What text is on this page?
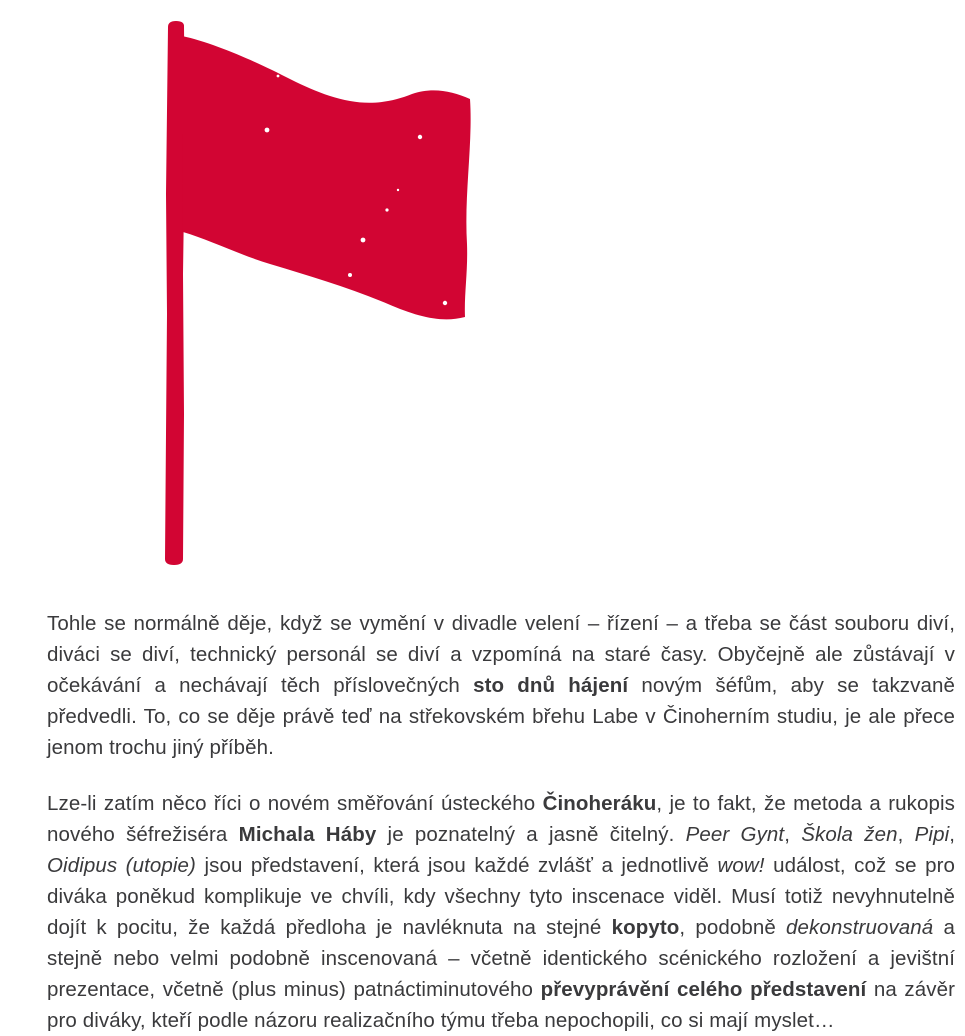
Tohle se normálně děje, když se vymění v divadle velení – řízení – a třeba se část souboru diví, diváci se diví, technický personál se diví a vzpomíná na staré časy. Obyčejně ale zůstávají v očekávání a nechávají těch příslovečných sto dnů hájení novým šéfům, aby se takzvaně předvedli. To, co se děje právě teď na střekovském břehu Labe v Činoherním studiu, je ale přece jenom trochu jiný příběh.

Lze-li zatím něco říci o novém směřování ústeckého Činoheráku, je to fakt, že metoda a rukopis nového šéfrežiséra Michala Háby je poznatelný a jasně čitelný. Peer Gynt, Škola žen, Pipi, Oidipus (utopie) jsou představení, která jsou každé zvlášť a jednotlivě wow! událost, což se pro diváka poněkud komplikuje ve chvíli, kdy všechny tyto inscenace viděl. Musí totiž nevyhnutelně dojít k pocitu, že každá předloha je navléknuta na stejné kopyto, podobně dekonstruovaná a stejně nebo velmi podobně inscenovaná – včetně identického scénického rozložení a jevištní prezentace, včetně (plus minus) patnáctiminutového převyprávění celého představení na závěr pro diváky, kteří podle názoru realizačního týmu třeba nepochopili, co si mají myslet…
